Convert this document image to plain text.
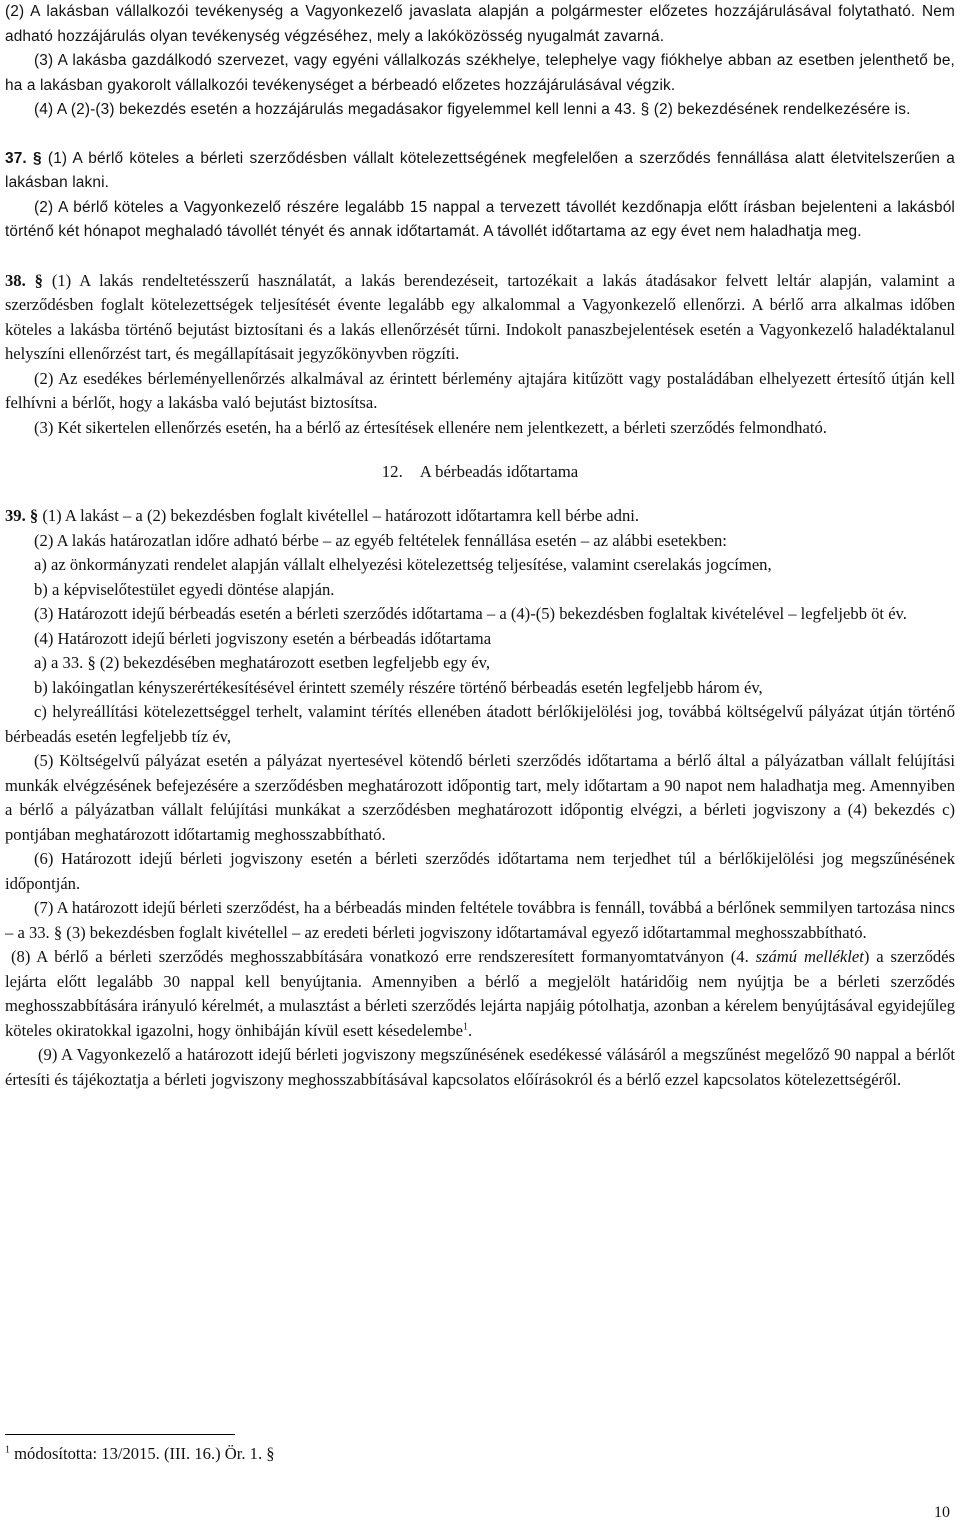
(2) A lakásban vállalkozói tevékenység a Vagyonkezelő javaslata alapján a polgármester előzetes hozzájárulásával folytatható. Nem adható hozzájárulás olyan tevékenység végzéséhez, mely a lakóközösség nyugalmát zavarná.

(3) A lakásba gazdálkodó szervezet, vagy egyéni vállalkozás székhelye, telephelye vagy fiókhelye abban az esetben jelenthető be, ha a lakásban gyakorolt vállalkozói tevékenységet a bérbeadó előzetes hozzájárulásával végzik.

(4) A (2)-(3) bekezdés esetén a hozzájárulás megadásakor figyelemmel kell lenni a 43. § (2) bekezdésének rendelkezésére is.

37. § (1) A bérlő köteles a bérleti szerződésben vállalt kötelezettségének megfelelően a szerződés fennállása alatt életvitelszerűen a lakásban lakni.

(2) A bérlő köteles a Vagyonkezelő részére legalább 15 nappal a tervezett távollét kezdőnapja előtt írásban bejelenteni a lakásból történő két hónapot meghaladó távollét tényét és annak időtartamát. A távollét időtartama az egy évet nem haladhatja meg.

38. § (1) A lakás rendeltetésszerű használatát, a lakás berendezéseit, tartozékait a lakás átadásakor felvett leltár alapján, valamint a szerződésben foglalt kötelezettségek teljesítését évente legalább egy alkalommal a Vagyonkezelő ellenőrzi. A bérlő arra alkalmas időben köteles a lakásba történő bejutást biztosítani és a lakás ellenőrzését tűrni. Indokolt panaszbejelentések esetén a Vagyonkezelő haladéktalanul helyszíni ellenőrzést tart, és megállapításait jegyzőkönyvben rögzíti.

(2) Az esedékes bérleményellenőrzés alkalmával az érintett bérlemény ajtajára kitűzött vagy postaládában elhelyezett értesítő útján kell felhívni a bérlőt, hogy a lakásba való bejutást biztosítsa.

(3) Két sikertelen ellenőrzés esetén, ha a bérlő az értesítések ellenére nem jelentkezett, a bérleti szerződés felmondható.

12. A bérbeadás időtartama

39. § (1) A lakást – a (2) bekezdésben foglalt kivétellel – határozott időtartamra kell bérbe adni.

(2) A lakás határozatlan időre adható bérbe – az egyéb feltételek fennállása esetén – az alábbi esetekben:

a) az önkormányzati rendelet alapján vállalt elhelyezési kötelezettség teljesítése, valamint cserelakás jogcímen,

b) a képviselőtestület egyedi döntése alapján.

(3) Határozott idejű bérbeadás esetén a bérleti szerződés időtartama – a (4)-(5) bekezdésben foglaltak kivételével – legfeljebb öt év.

(4) Határozott idejű bérleti jogviszony esetén a bérbeadás időtartama

a) a 33. § (2) bekezdésében meghatározott esetben legfeljebb egy év,

b) lakóingatlan kényszerértékesítésével érintett személy részére történő bérbeadás esetén legfeljebb három év,

c) helyreállítási kötelezettséggel terhelt, valamint térítés ellenében átadott bérlőkijelölési jog, továbbá költségelvű pályázat útján történő bérbeadás esetén legfeljebb tíz év,

(5) Költségelvű pályázat esetén a pályázat nyertesével kötendő bérleti szerződés időtartama a bérlő által a pályázatban vállalt felújítási munkák elvégzésének befejezésére a szerződésben meghatározott időpontig tart, mely időtartam a 90 napot nem haladhatja meg. Amennyiben a bérlő a pályázatban vállalt felújítási munkákat a szerződésben meghatározott időpontig elvégzi, a bérleti jogviszony a (4) bekezdés c) pontjában meghatározott időtartamig meghosszabbítható.

(6) Határozott idejű bérleti jogviszony esetén a bérleti szerződés időtartama nem terjedhet túl a bérlőkijelölési jog megszűnésének időpontján.

(7) A határozott idejű bérleti szerződést, ha a bérbeadás minden feltétele továbbra is fennáll, továbbá a bérlőnek semmilyen tartozása nincs – a 33. § (3) bekezdésben foglalt kivétellel – az eredeti bérleti jogviszony időtartamával egyező időtartammal meghosszabbítható.

(8) A bérlő a bérleti szerződés meghosszabbítására vonatkozó erre rendszeresített formanyomtatványon (4. számú melléklet) a szerződés lejárta előtt legalább 30 nappal kell benyújtania. Amennyiben a bérlő a megjelölt határidőig nem nyújtja be a bérleti szerződés meghosszabbítására irányuló kérelmét, a mulasztást a bérleti szerződés lejárta napjáig pótolhatja, azonban a kérelem benyújtásával egyidejűleg köteles okiratokkal igazolni, hogy önhibáján kívül esett késedelembe$^1$.

(9) A Vagyonkezelő a határozott idejű bérleti jogviszony megszűnésének esedékessé válásáról a megszűnést megelőző 90 nappal a bérlőt értesíti és tájékoztatja a bérleti jogviszony meghosszabbításával kapcsolatos előírásokról és a bérlő ezzel kapcsolatos kötelezettségéről.

$^1$ módosította: 13/2015. (III. 16.) Ör. 1. §
10
